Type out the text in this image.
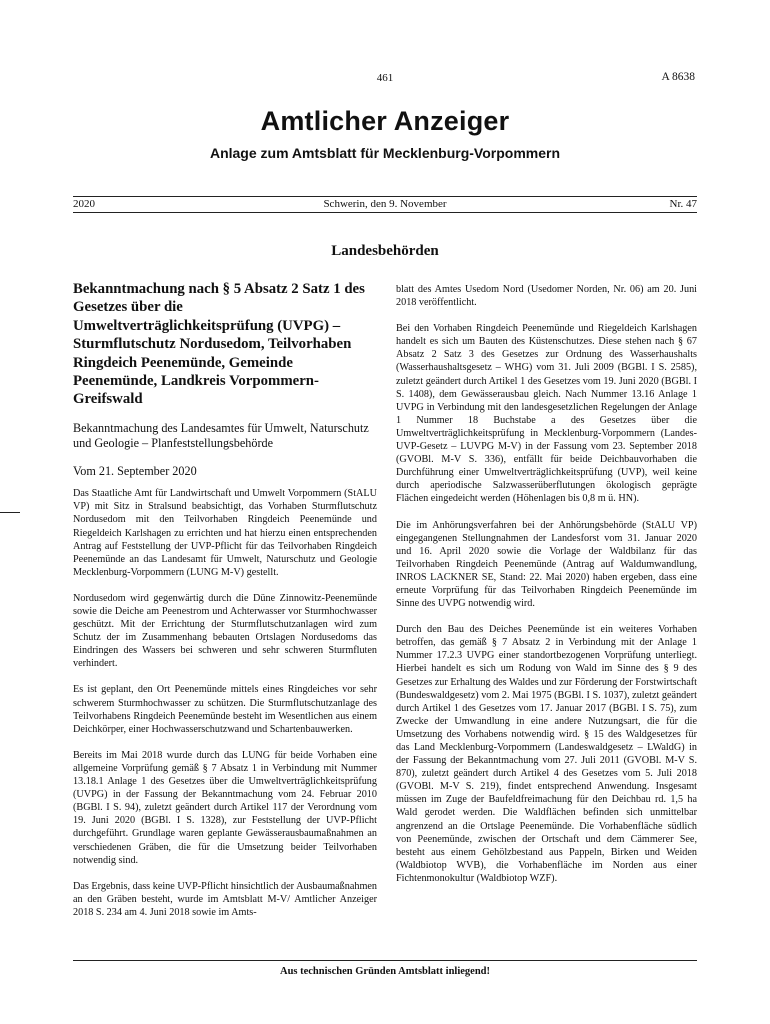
461	A 8638
Amtlicher Anzeiger
Anlage zum Amtsblatt für Mecklenburg-Vorpommern
Schwerin, den 9. November
2020	Nr. 47
Landesbehörden
Bekanntmachung nach § 5 Absatz 2 Satz 1 des Gesetzes über die Umweltverträglichkeitsprüfung (UVPG) – Sturmflutschutz Nordusedom, Teilvorhaben Ringdeich Peenemünde, Gemeinde Peenemünde, Landkreis Vorpommern-Greifswald
Bekanntmachung des Landesamtes für Umwelt, Naturschutz und Geologie – Planfeststellungsbehörde
Vom 21. September 2020

Das Staatliche Amt für Landwirtschaft und Umwelt Vorpommern (StALU VP) mit Sitz in Stralsund beabsichtigt, das Vorhaben Sturmflutschutz Nordusedom mit den Teilvorhaben Ringdeich Peenemünde und Riegeldeich Karlshagen zu errichten und hat hierzu einen entsprechenden Antrag auf Feststellung der UVP-Pflicht für das Teilvorhaben Ringdeich Peenemünde an das Landesamt für Umwelt, Naturschutz und Geologie Mecklenburg-Vorpommern (LUNG M-V) gestellt.

Nordusedom wird gegenwärtig durch die Düne Zinnowitz-Peenemünde sowie die Deiche am Peenestrom und Achterwasser vor Sturmhochwasser geschützt. Mit der Errichtung der Sturmflutschutzanlagen wird zum Schutz der im Zusammenhang bebauten Ortslagen Nordusedoms das Eindringen des Wassers bei schweren und sehr schweren Sturmfluten verhindert.

Es ist geplant, den Ort Peenemünde mittels eines Ringdeiches vor sehr schwerem Sturmhochwasser zu schützen. Die Sturmflutschutzanlage des Teilvorhabens Ringdeich Peenemünde besteht im Wesentlichen aus einem Deichkörper, einer Hochwasserschutzwand und Schartenbauwerken.

Bereits im Mai 2018 wurde durch das LUNG für beide Vorhaben eine allgemeine Vorprüfung gemäß § 7 Absatz 1 in Verbindung mit Nummer 13.18.1 Anlage 1 des Gesetzes über die Umweltverträglichkeitsprüfung (UVPG) in der Fassung der Bekanntmachung vom 24. Februar 2010 (BGBl. I S. 94), zuletzt geändert durch Artikel 117 der Verordnung vom 19. Juni 2020 (BGBl. I S. 1328), zur Feststellung der UVP-Pflicht durchgeführt. Grundlage waren geplante Gewässerausbaumaßnahmen an verschiedenen Gräben, die für die Umsetzung beider Teilvorhaben notwendig sind.

Das Ergebnis, dass keine UVP-Pflicht hinsichtlich der Ausbaumaßnahmen an den Gräben besteht, wurde im Amtsblatt M-V/ Amtlicher Anzeiger 2018 S. 234 am 4. Juni 2018 sowie im Amts-

blatt des Amtes Usedom Nord (Usedomer Norden, Nr. 06) am 20. Juni 2018 veröffentlicht.

Bei den Vorhaben Ringdeich Peenemünde und Riegeldeich Karlshagen handelt es sich um Bauten des Küstenschutzes. Diese stehen nach § 67 Absatz 2 Satz 3 des Gesetzes zur Ordnung des Wasserhaushalts (Wasserhaushaltsgesetz – WHG) vom 31. Juli 2009 (BGBl. I S. 2585), zuletzt geändert durch Artikel 1 des Gesetzes vom 19. Juni 2020 (BGBl. I S. 1408), dem Gewässerausbau gleich. Nach Nummer 13.16 Anlage 1 UVPG in Verbindung mit den landesgesetzlichen Regelungen der Anlage 1 Nummer 18 Buchstabe a des Gesetzes über die Umweltverträglichkeitsprüfung in Mecklenburg-Vorpommern (Landes-UVP-Gesetz – LUVPG M-V) in der Fassung vom 23. September 2018 (GVOBl. M-V S. 336), entfällt für beide Deichbauvorhaben die Durchführung einer Umweltverträglichkeitsprüfung (UVP), weil keine durch aperiodische Salzwasserüberflutungen ökologisch geprägte Flächen eingedeicht werden (Höhenlagen bis 0,8 m ü. HN).

Die im Anhörungsverfahren bei der Anhörungsbehörde (StALU VP) eingegangenen Stellungnahmen der Landesforst vom 31. Januar 2020 und 16. April 2020 sowie die Vorlage der Waldbilanz für das Teilvorhaben Ringdeich Peenemünde (Antrag auf Waldumwandlung, INROS LACKNER SE, Stand: 22. Mai 2020) haben ergeben, dass eine erneute Vorprüfung für das Teilvorhaben Ringdeich Peenemünde im Sinne des UVPG notwendig wird.

Durch den Bau des Deiches Peenemünde ist ein weiteres Vorhaben betroffen, das gemäß § 7 Absatz 2 in Verbindung mit der Anlage 1 Nummer 17.2.3 UVPG einer standortbezogenen Vorprüfung unterliegt. Hierbei handelt es sich um Rodung von Wald im Sinne des § 9 des Gesetzes zur Erhaltung des Waldes und zur Förderung der Forstwirtschaft (Bundeswaldgesetz) vom 2. Mai 1975 (BGBl. I S. 1037), zuletzt geändert durch Artikel 1 des Gesetzes vom 17. Januar 2017 (BGBl. I S. 75), zum Zwecke der Umwandlung in eine andere Nutzungsart, die für die Umsetzung des Vorhabens notwendig wird. § 15 des Waldgesetzes für das Land Mecklenburg-Vorpommern (Landeswaldgesetz – LWaldG) in der Fassung der Bekanntmachung vom 27. Juli 2011 (GVOBl. M-V S. 870), zuletzt geändert durch Artikel 4 des Gesetzes vom 5. Juli 2018 (GVOBl. M-V S. 219), findet entsprechend Anwendung. Insgesamt müssen im Zuge der Baufeldfreimachung für den Deichbau rd. 1,5 ha Wald gerodet werden. Die Waldflächen befinden sich unmittelbar angrenzend an die Ortslage Peenemünde. Die Vorhabenfläche südlich von Peenemünde, zwischen der Ortschaft und dem Cämmerer See, besteht aus einem Gehölzbestand aus Pappeln, Birken und Weiden (Waldbiotop WVB), die Vorhabenfläche im Norden aus einer Fichtenmonokultur (Waldbiotop WZF).

Aus technischen Gründen Amtsblatt inliegend!
